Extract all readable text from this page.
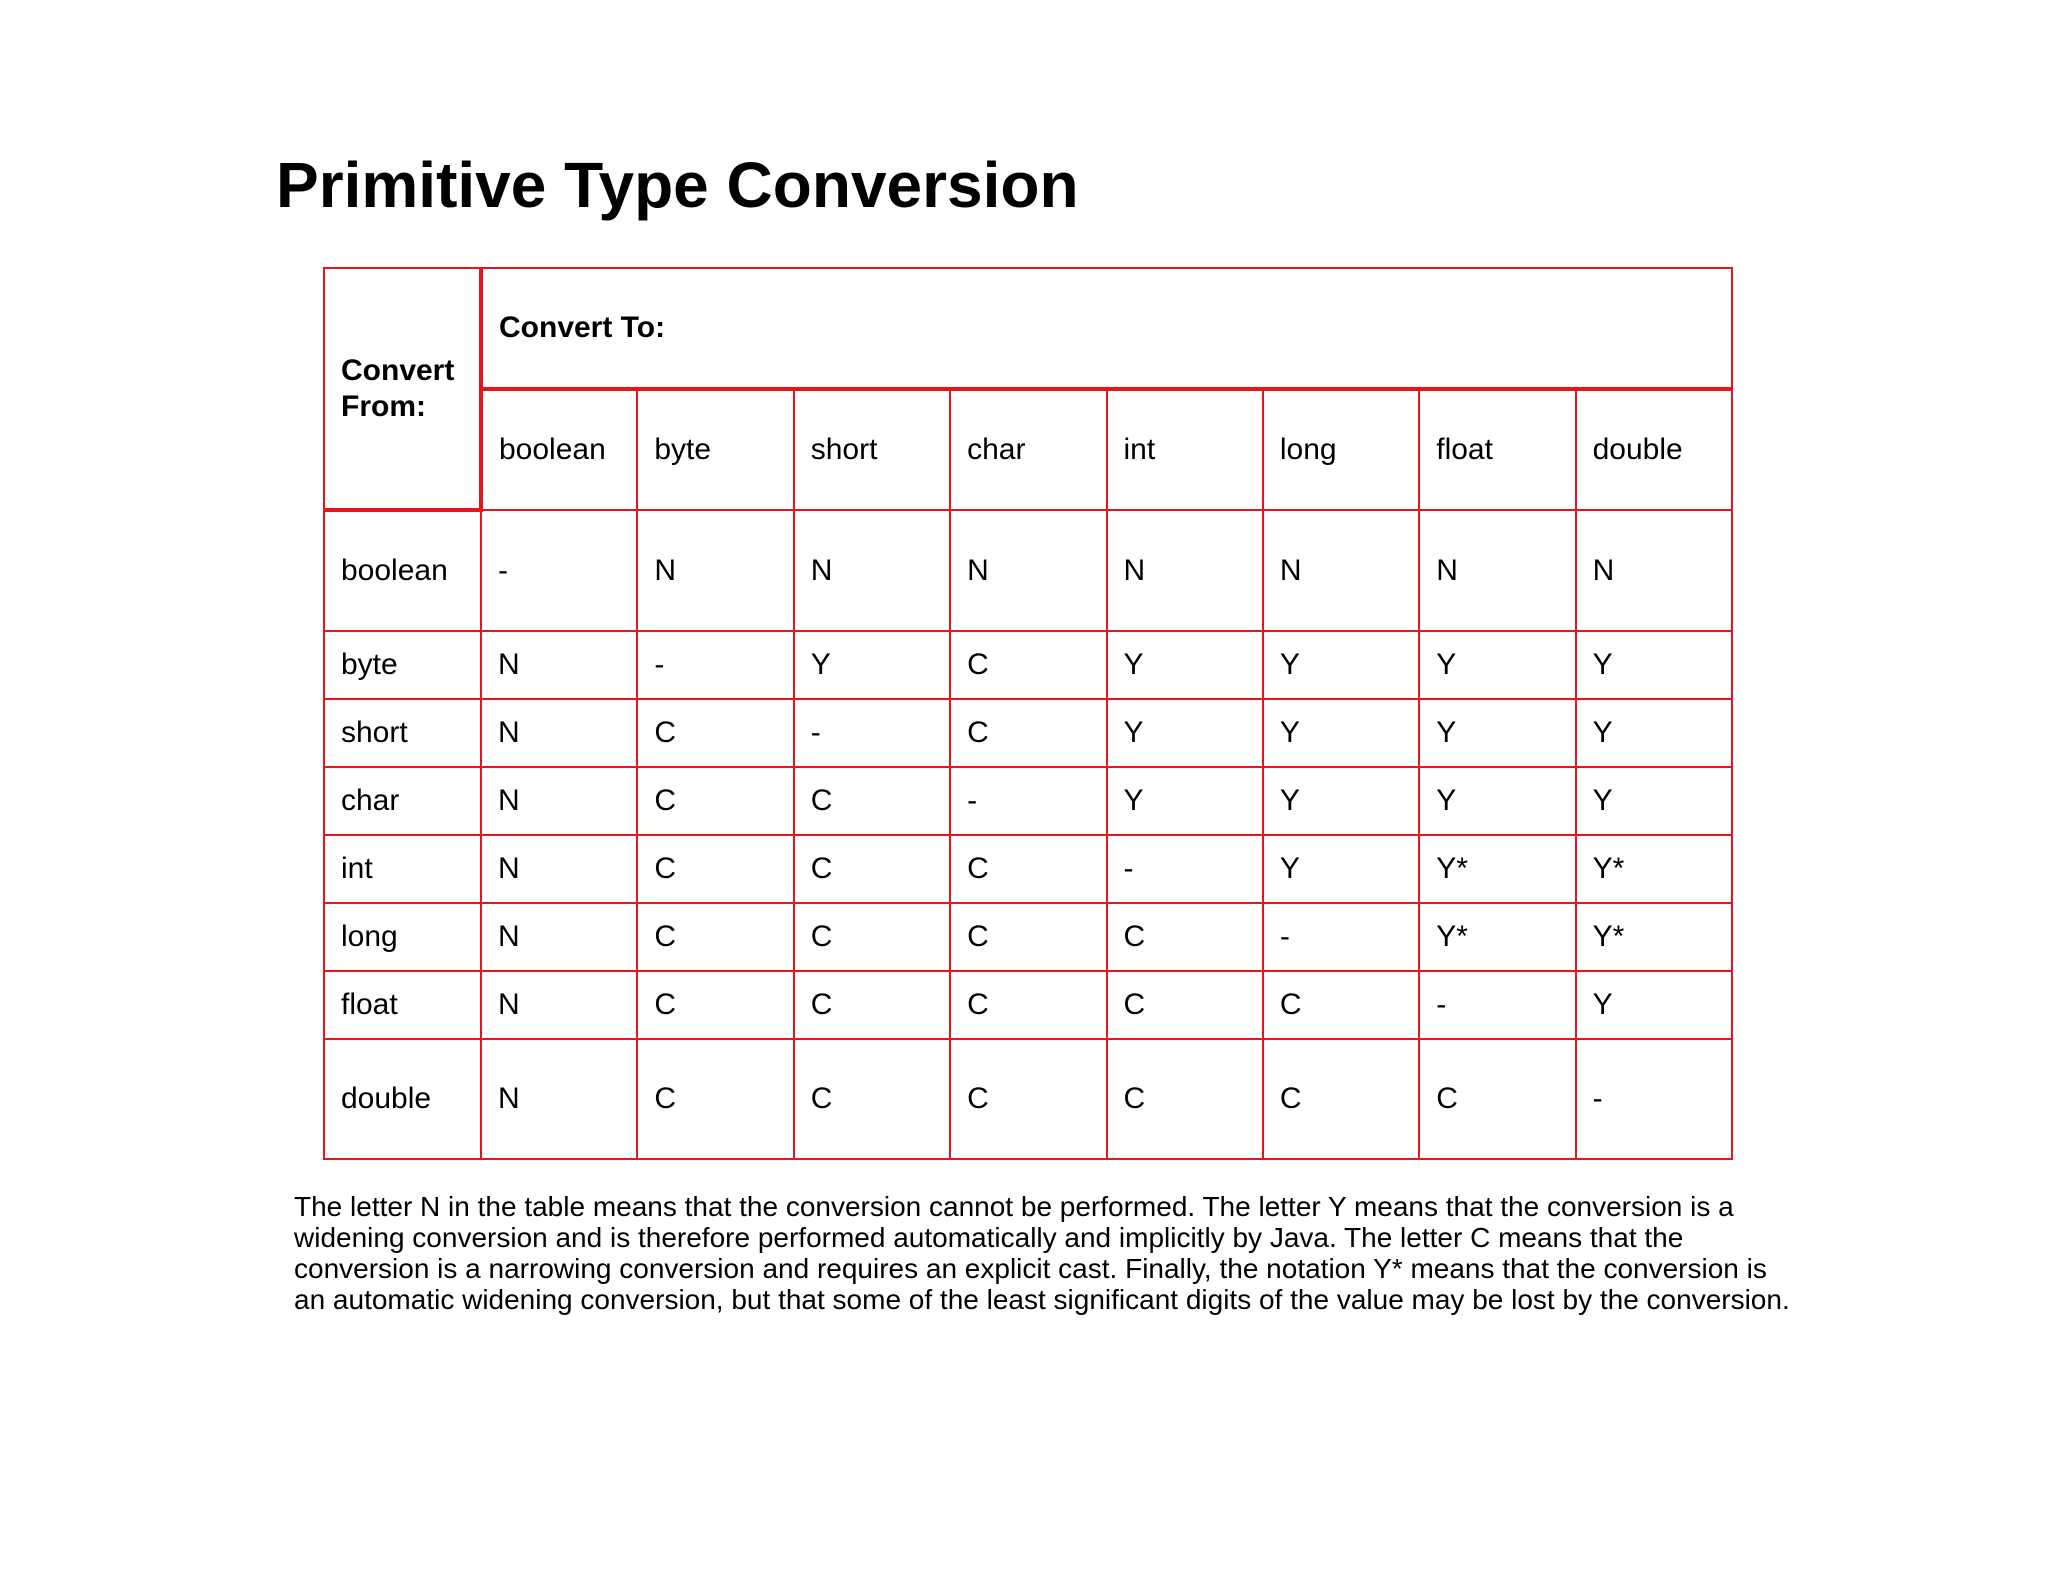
Primitive Type Conversion
Convert
From:	Convert To:							
	boolean	byte	short	char	int	long	float	double
boolean	-	N	N	N	N	N	N	N
byte	N	-	Y	C	Y	Y	Y	Y
short	N	C	-	C	Y	Y	Y	Y
char	N	C	C	-	Y	Y	Y	Y
int	N	C	C	C	-	Y	Y*	Y*
long	N	C	C	C	C	-	Y*	Y*
float	N	C	C	C	C	C	-	Y
double	N	C	C	C	C	C	C	-

The letter N in the table means that the conversion cannot be performed. The letter Y means that the conversion is a
widening conversion and is therefore performed automatically and implicitly by Java. The letter C means that the
conversion is a narrowing conversion and requires an explicit cast. Finally, the notation Y* means that the conversion is
an automatic widening conversion, but that some of the least significant digits of the value may be lost by the conversion.
